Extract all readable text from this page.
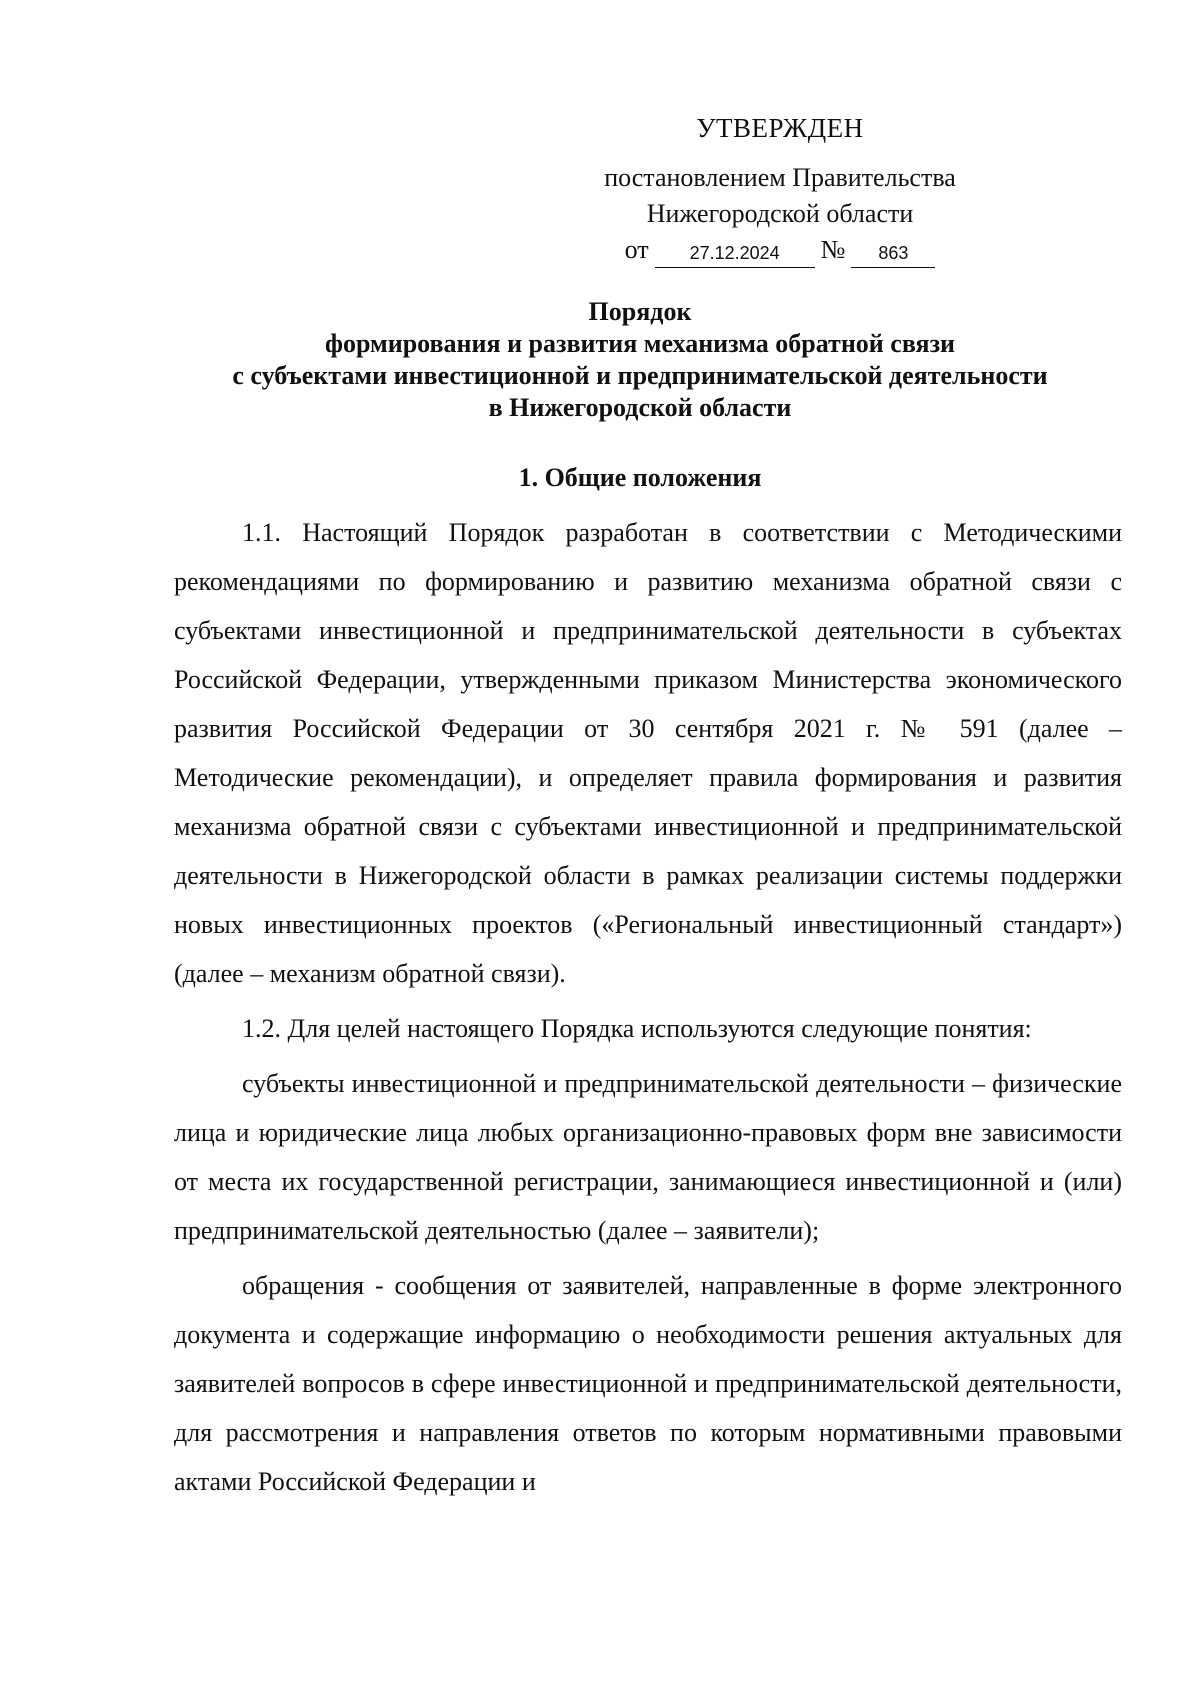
УТВЕРЖДЕН
постановлением Правительства
Нижегородской области
от	27.12.2024	№	863
Порядок
формирования и развития механизма обратной связи
с субъектами инвестиционной и предпринимательской деятельности
в Нижегородской области
1. Общие положения

1.1. Настоящий Порядок разработан в соответствии с Методическими рекомендациями по формированию и развитию механизма обратной связи с субъектами инвестиционной и предпринимательской деятельности в субъектах Российской Федерации, утвержденными приказом Министерства экономического развития Российской Федерации от 30 сентября 2021 г. № 591 (далее – Методические рекомендации), и определяет правила формирования и развития механизма обратной связи с субъектами инвестиционной и предпринимательской деятельности в Нижегородской области в рамках реализации системы поддержки новых инвестиционных проектов («Региональный инвестиционный стандарт») (далее – механизм обратной связи).

1.2. Для целей настоящего Порядка используются следующие понятия:

субъекты инвестиционной и предпринимательской деятельности – физические лица и юридические лица любых организационно-правовых форм вне зависимости от места их государственной регистрации, занимающиеся инвестиционной и (или) предпринимательской деятельностью (далее – заявители);

обращения - сообщения от заявителей, направленные в форме электронного документа и содержащие информацию о необходимости решения актуальных для заявителей вопросов в сфере инвестиционной и предпринимательской деятельности, для рассмотрения и направления ответов по которым нормативными правовыми актами Российской Федерации и
